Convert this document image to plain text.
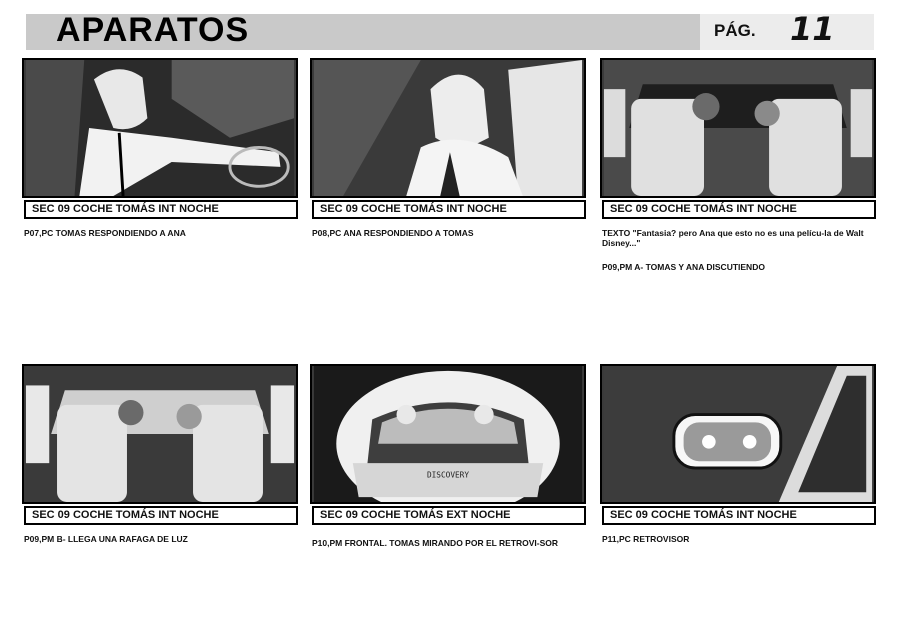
APARATOS	PÁG. 11
SEC 09 COCHE TOMÁS INT NOCHE
P07,PC TOMAS RESPONDIENDO A ANA
SEC 09 COCHE TOMÁS INT NOCHE
P08,PC ANA RESPONDIENDO A TOMAS
SEC 09 COCHE TOMÁS INT NOCHE
TEXTO "Fantasia? pero Ana que esto no es una pelícu-la de Walt Disney..."
P09,PM A- TOMAS Y ANA DISCUTIENDO
SEC 09 COCHE TOMÁS INT NOCHE
P09,PM B- LLEGA UNA RAFAGA DE LUZ
DISCOVERY
SEC 09 COCHE TOMÁS EXT NOCHE
P10,PM FRONTAL. TOMAS MIRANDO POR EL RETROVI-SOR
SEC 09 COCHE TOMÁS INT NOCHE
P11,PC RETROVISOR
